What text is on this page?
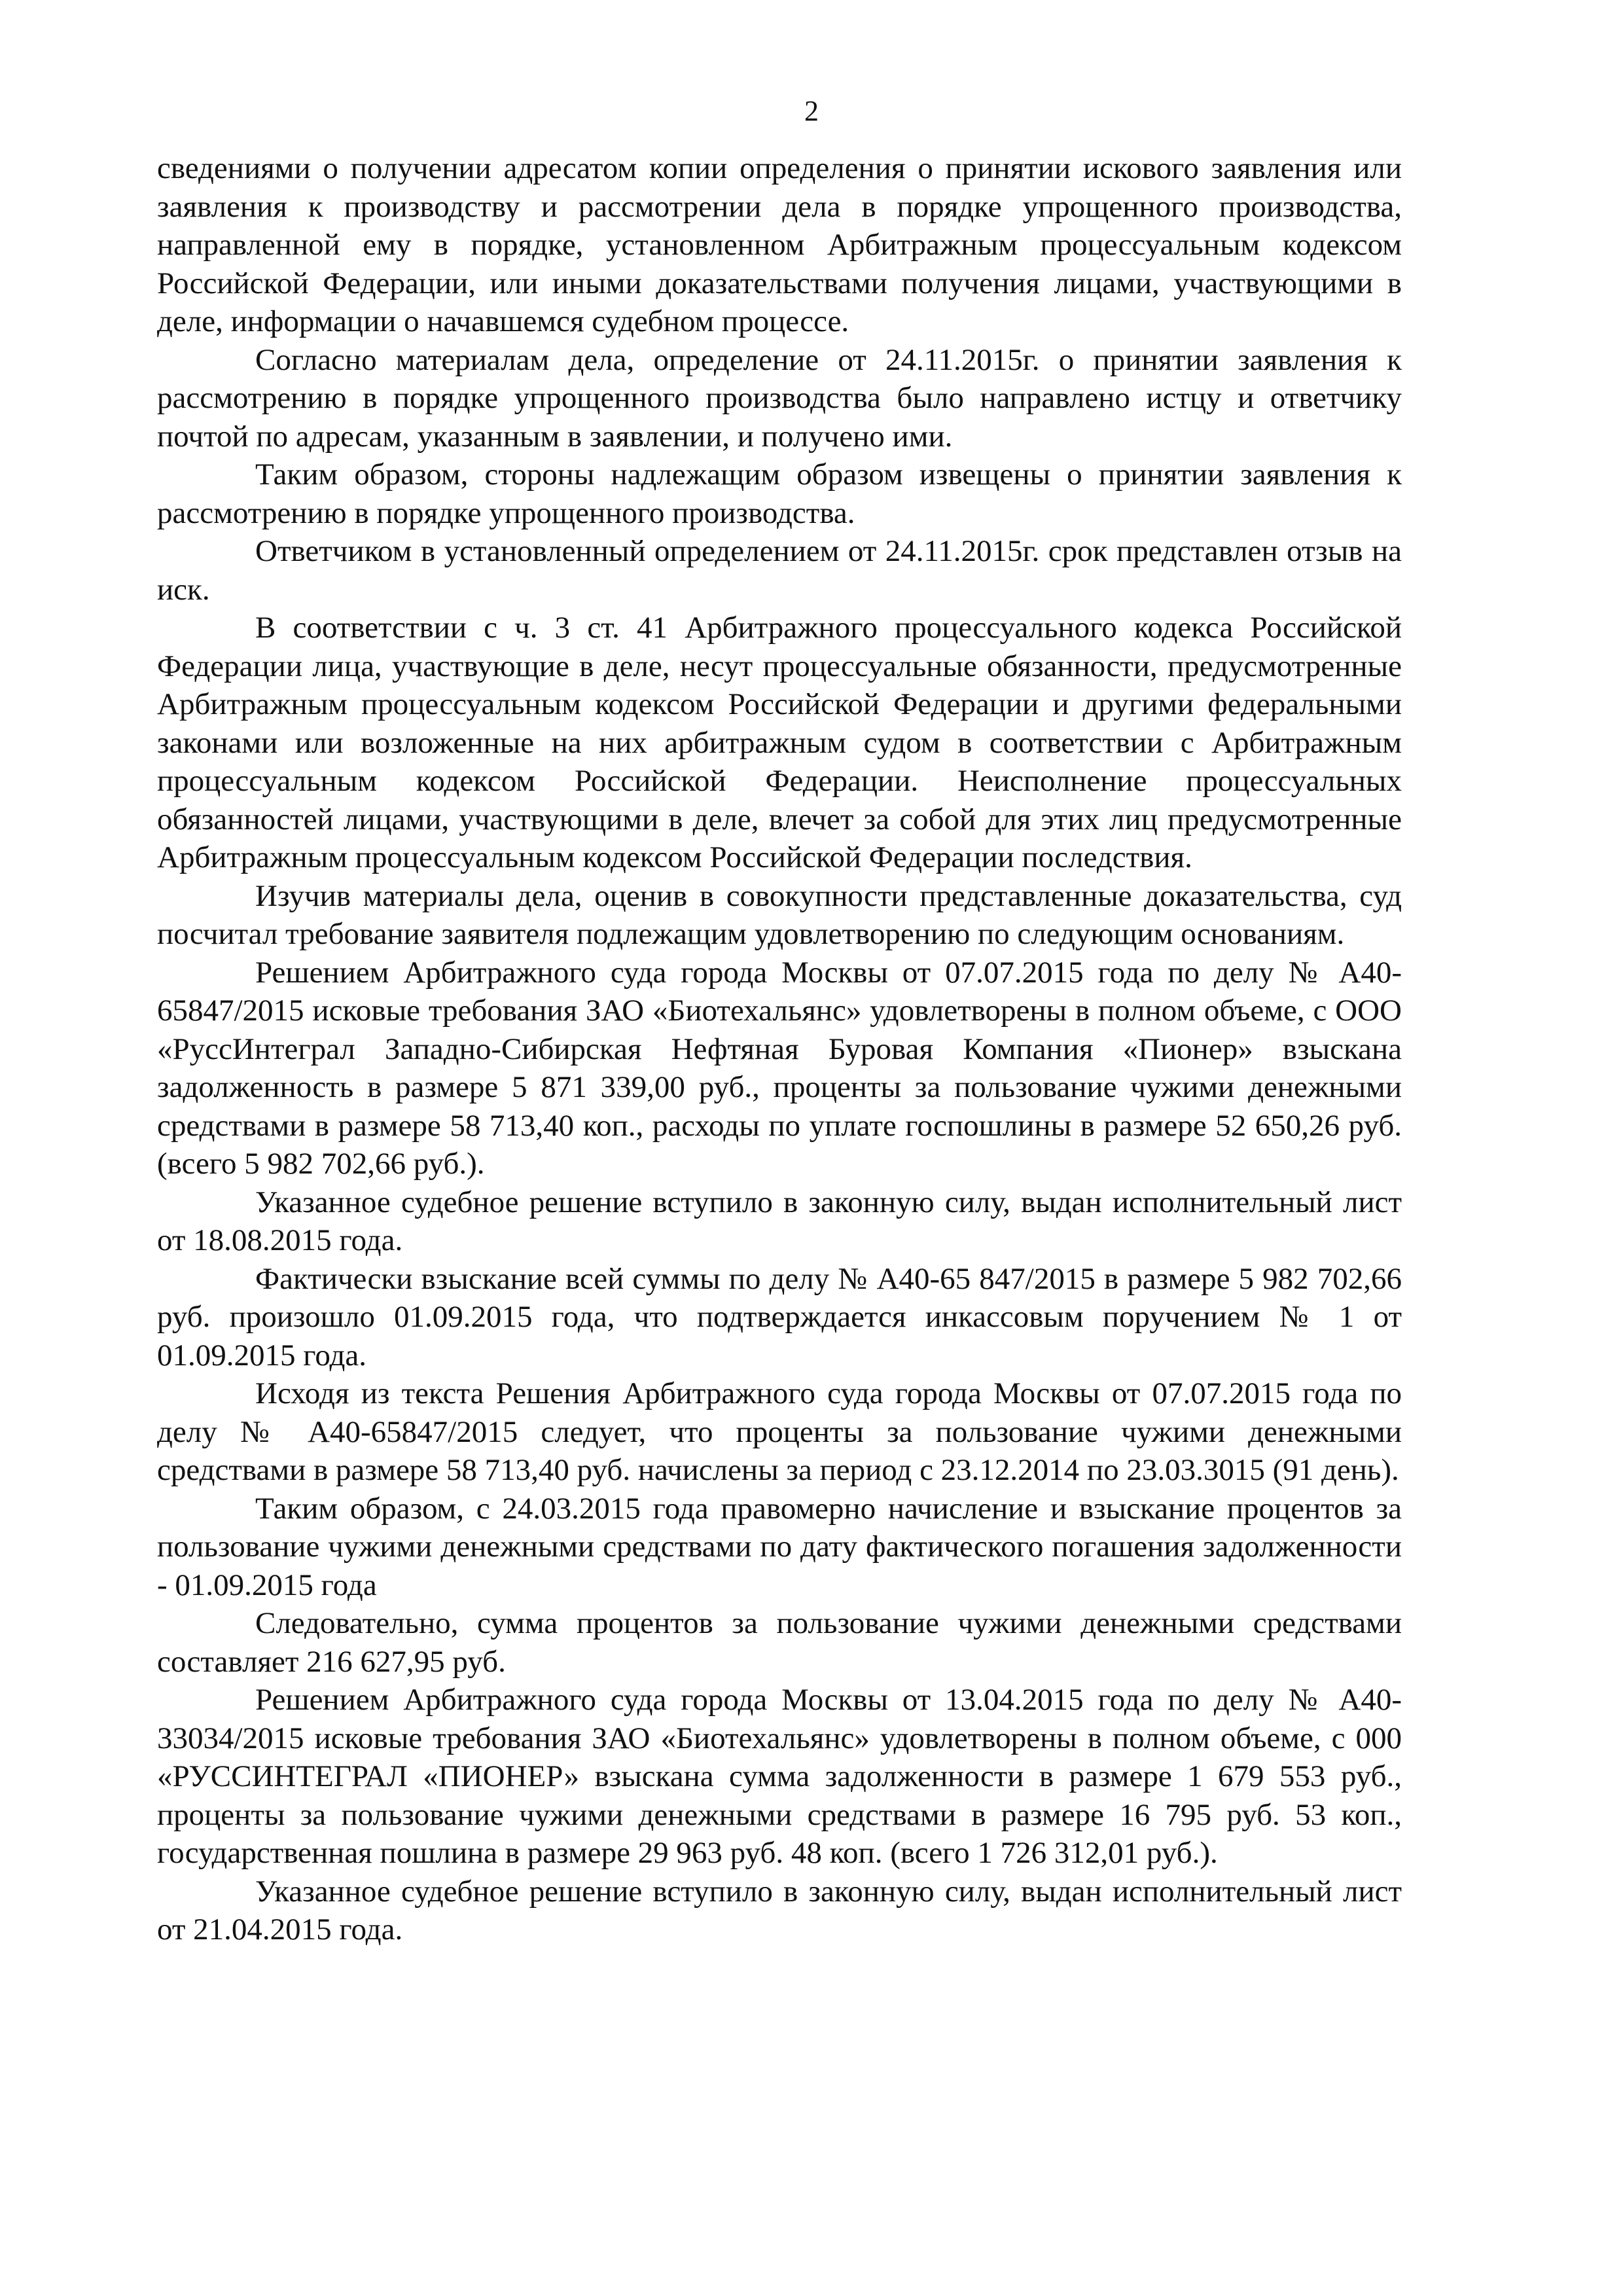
2

сведениями о получении адресатом копии определения о принятии искового заявления или заявления к производству и рассмотрении дела в порядке упрощенного производства, направленной ему в порядке, установленном Арбитражным процессуальным кодексом Российской Федерации, или иными доказательствами получения лицами, участвующими в деле, информации о начавшемся судебном процессе.

Согласно материалам дела, определение от 24.11.2015г. о принятии заявления к рассмотрению в порядке упрощенного производства было направлено истцу и ответчику почтой по адресам, указанным в заявлении, и получено ими.

Таким образом, стороны надлежащим образом извещены о принятии заявления к рассмотрению в порядке упрощенного производства.

Ответчиком в установленный определением от 24.11.2015г. срок представлен отзыв на иск.

В соответствии с ч. 3 ст. 41 Арбитражного процессуального кодекса Российской Федерации лица, участвующие в деле, несут процессуальные обязанности, предусмотренные Арбитражным процессуальным кодексом Российской Федерации и другими федеральными законами или возложенные на них арбитражным судом в соответствии с Арбитражным процессуальным кодексом Российской Федерации. Неисполнение процессуальных обязанностей лицами, участвующими в деле, влечет за собой для этих лиц предусмотренные Арбитражным процессуальным кодексом Российской Федерации последствия.

Изучив материалы дела, оценив в совокупности представленные доказательства, суд посчитал требование заявителя подлежащим удовлетворению по следующим основаниям.

Решением Арбитражного суда города Москвы от 07.07.2015 года по делу № А40-65847/2015 исковые требования ЗАО «Биотехальянс» удовлетворены в полном объеме, с ООО «РуссИнтеграл Западно-Сибирская Нефтяная Буровая Компания «Пионер» взыскана задолженность в размере 5 871 339,00 руб., проценты за пользование чужими денежными средствами в размере 58 713,40 коп., расходы по уплате госпошлины в размере 52 650,26 руб. (всего 5 982 702,66 руб.).

Указанное судебное решение вступило в законную силу, выдан исполнительный лист от 18.08.2015 года.

Фактически взыскание всей суммы по делу № А40-65 847/2015 в размере 5 982 702,66 руб. произошло 01.09.2015 года, что подтверждается инкассовым поручением № 1 от 01.09.2015 года.

Исходя из текста Решения Арбитражного суда города Москвы от 07.07.2015 года по делу № А40-65847/2015 следует, что проценты за пользование чужими денежными средствами в размере 58 713,40 руб. начислены за период с 23.12.2014 по 23.03.3015 (91 день).

Таким образом, с 24.03.2015 года правомерно начисление и взыскание процентов за пользование чужими денежными средствами по дату фактического погашения задолженности - 01.09.2015 года

Следовательно, сумма процентов за пользование чужими денежными средствами составляет 216 627,95 руб.

Решением Арбитражного суда города Москвы от 13.04.2015 года по делу № А40-33034/2015 исковые требования ЗАО «Биотехальянс» удовлетворены в полном объеме, с 000 «РУССИНТЕГРАЛ «ПИОНЕР» взыскана сумма задолженности в размере 1 679 553 руб., проценты за пользование чужими денежными средствами в размере 16 795 руб. 53 коп., государственная пошлина в размере 29 963 руб. 48 коп. (всего 1 726 312,01 руб.).

Указанное судебное решение вступило в законную силу, выдан исполнительный лист от 21.04.2015 года.
